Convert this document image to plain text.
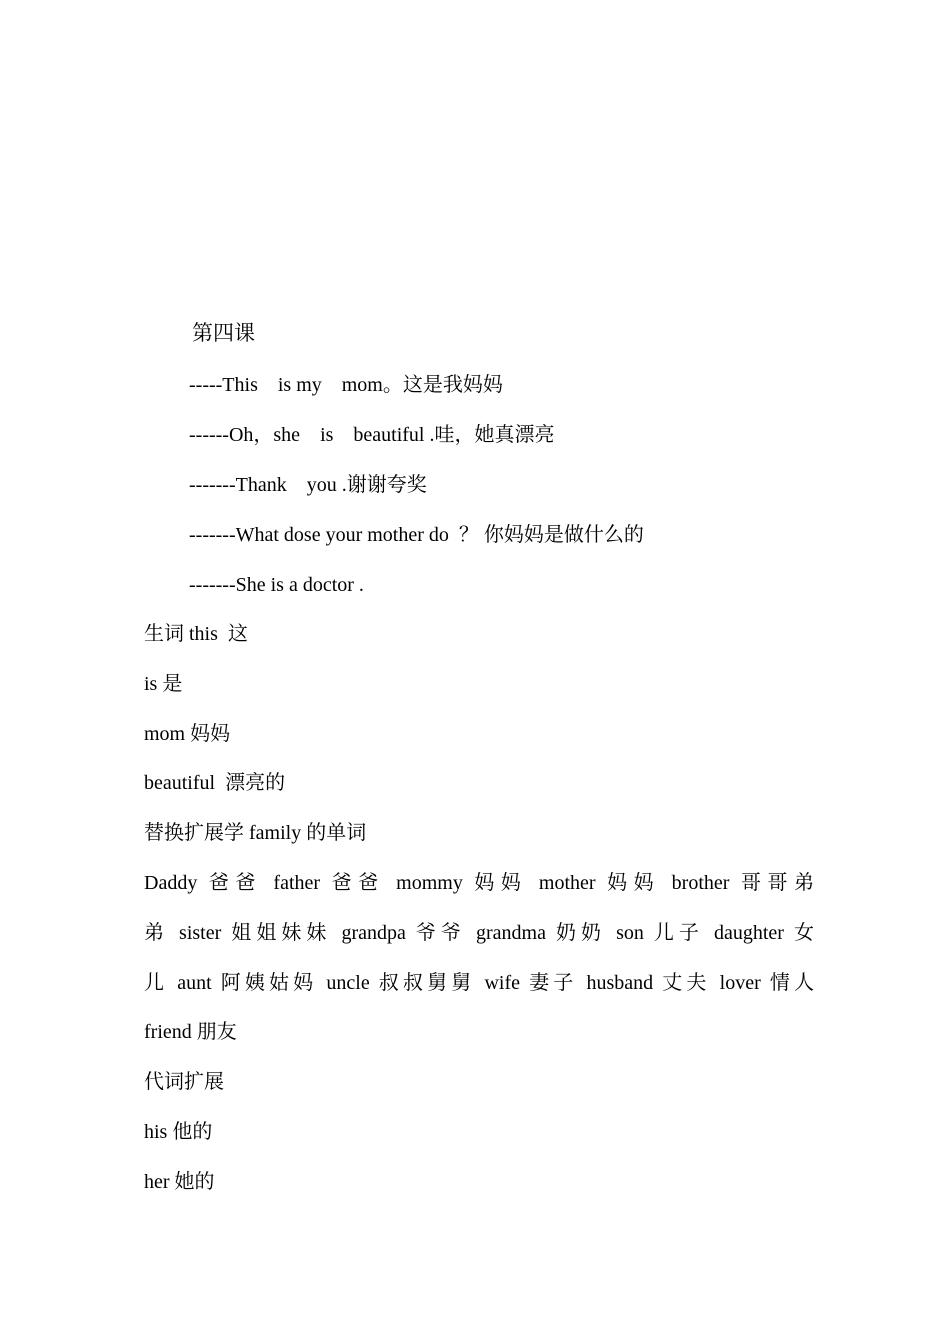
第四课
-----This    is my    mom。这是我妈妈
------Oh，she    is    beautiful .哇，她真漂亮
-------Thank    you .谢谢夸奖
-------What dose your mother do  ？ 你妈妈是做什么的
-------She is a doctor .
生词 this  这
is 是
mom 妈妈
beautiful  漂亮的
替换扩展学 family 的单词
Daddy 爸爸 father 爸爸 mommy 妈妈 mother 妈妈 brother 哥哥弟
弟 sister 姐姐妹妹 grandpa 爷爷 grandma 奶奶 son 儿子 daughter 女
儿 aunt 阿姨姑妈 uncle 叔叔舅舅 wife 妻子 husband 丈夫 lover 情人
friend 朋友
代词扩展
his 他的
her 她的
